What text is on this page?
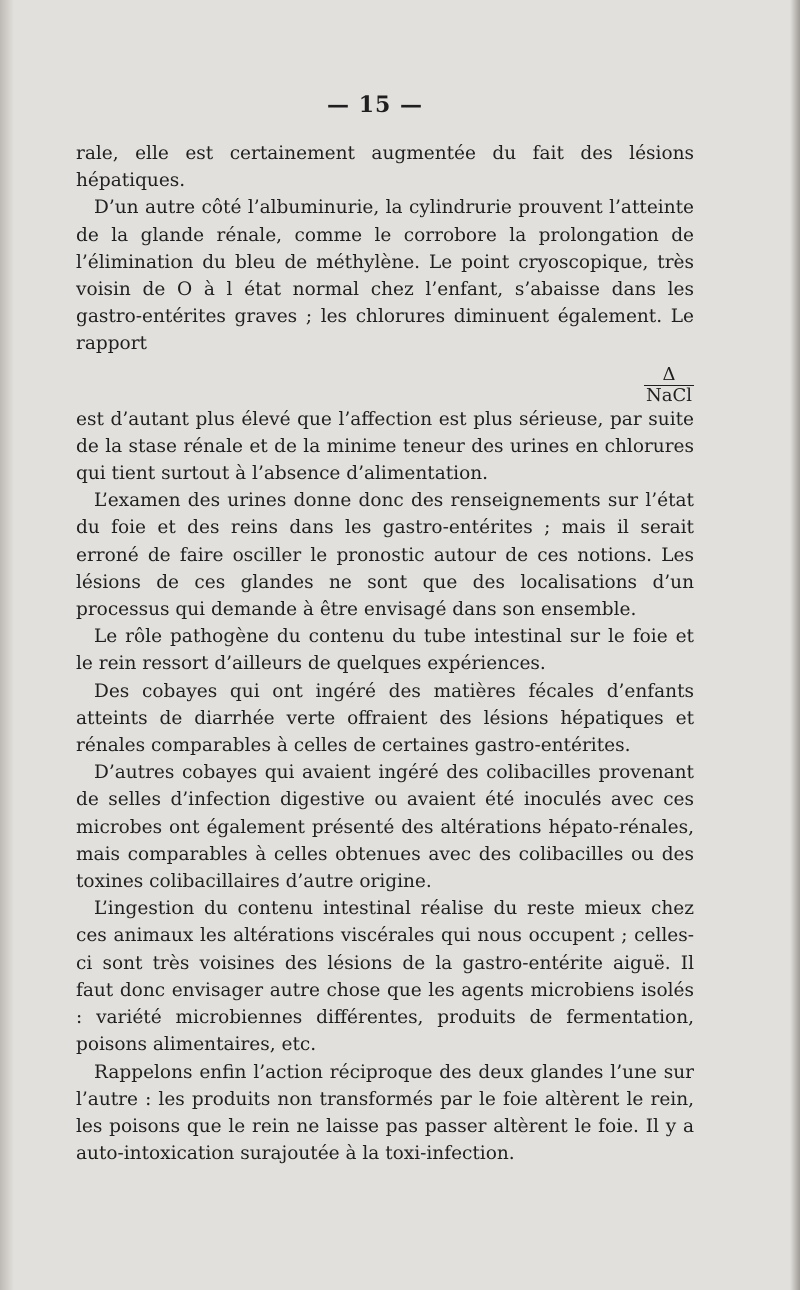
— 15 —

rale, elle est certainement augmentée du fait des lésions hépatiques.

D’un autre côté l’albuminurie, la cylindrurie prouvent l’atteinte de la glande rénale, comme le corrobore la prolongation de l’élimination du bleu de méthylène. Le point cryoscopique, très voisin de O à l état normal chez l’enfant, s’abaisse dans les gastro-entérites graves ; les chlorures diminuent également. Le rapport

$\frac{\Delta}{\text{NaCl}}$

est d’autant plus élevé que l’affection est plus sérieuse, par suite de la stase rénale et de la minime teneur des urines en chlorures qui tient surtout à l’absence d’alimentation.

L’examen des urines donne donc des renseignements sur l’état du foie et des reins dans les gastro-entérites ; mais il serait erroné de faire osciller le pronostic autour de ces notions. Les lésions de ces glandes ne sont que des localisations d’un processus qui demande à être envisagé dans son ensemble.

Le rôle pathogène du contenu du tube intestinal sur le foie et le rein ressort d’ailleurs de quelques expériences.

Des cobayes qui ont ingéré des matières fécales d’enfants atteints de diarrhée verte offraient des lésions hépatiques et rénales comparables à celles de certaines gastro-entérites.

D’autres cobayes qui avaient ingéré des colibacilles provenant de selles d’infection digestive ou avaient été inoculés avec ces microbes ont également présenté des altérations hépato-rénales, mais comparables à celles obtenues avec des colibacilles ou des toxines colibacillaires d’autre origine.

L’ingestion du contenu intestinal réalise du reste mieux chez ces animaux les altérations viscérales qui nous occupent ; celles-ci sont très voisines des lésions de la gastro-entérite aiguë. Il faut donc envisager autre chose que les agents microbiens isolés : variété microbiennes différentes, produits de fermentation, poisons alimentaires, etc.

Rappelons enfin l’action réciproque des deux glandes l’une sur l’autre : les produits non transformés par le foie altèrent le rein, les poisons que le rein ne laisse pas passer altèrent le foie. Il y a auto-intoxication surajoutée à la toxi-infection.
